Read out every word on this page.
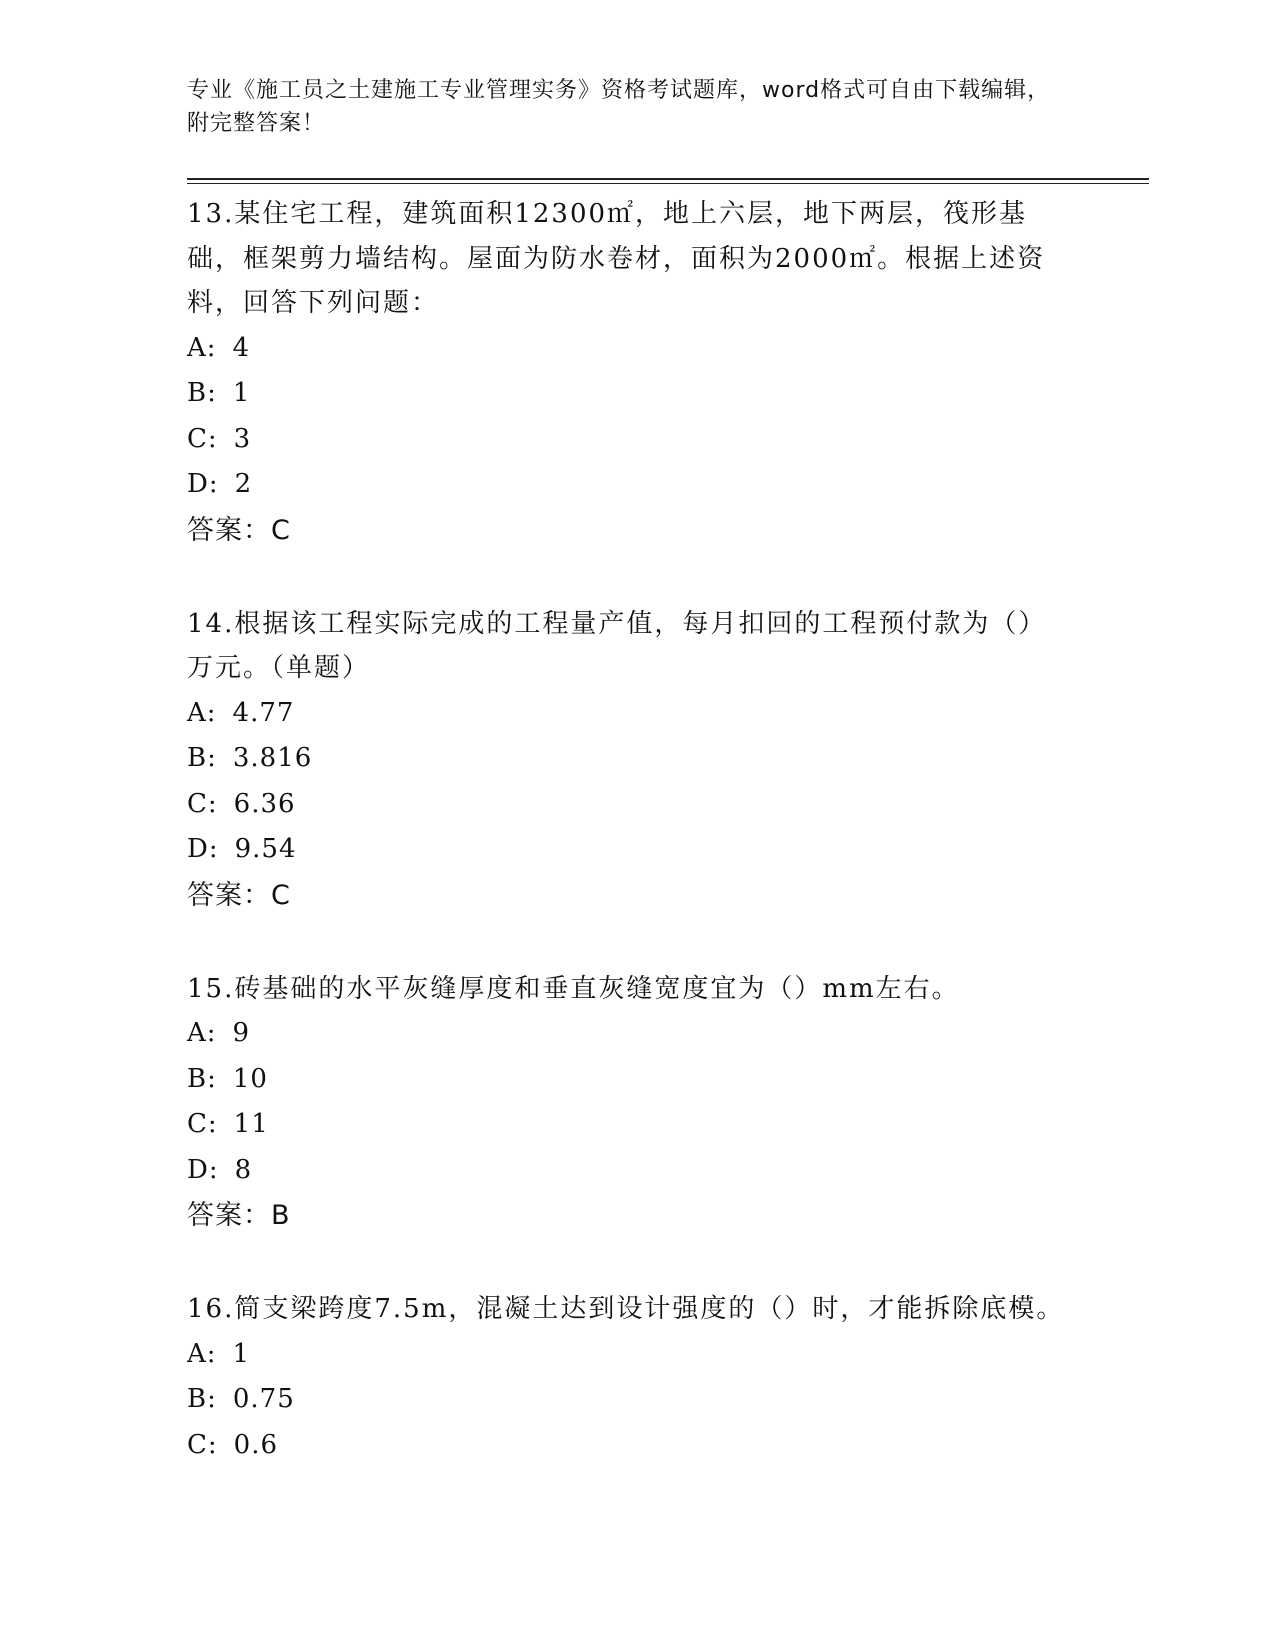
专业《施工员之土建施工专业管理实务》资格考试题库，word格式可自由下载编辑，附完整答案！
13.某住宅工程，建筑面积12300㎡，地上六层，地下两层，筏形基础，框架剪力墙结构。屋面为防水卷材，面积为2000㎡。根据上述资料，回答下列问题：
A: 4
B: 1
C: 3
D: 2
答案：C
14.根据该工程实际完成的工程量产值，每月扣回的工程预付款为（）万元。（单题）
A: 4.77
B: 3.816
C: 6.36
D: 9.54
答案：C
15.砖基础的水平灰缝厚度和垂直灰缝宽度宜为（）mm左右。
A: 9
B: 10
C: 11
D: 8
答案：B
16.简支梁跨度7.5m，混凝土达到设计强度的（）时，才能拆除底模。
A: 1
B: 0.75
C: 0.6
